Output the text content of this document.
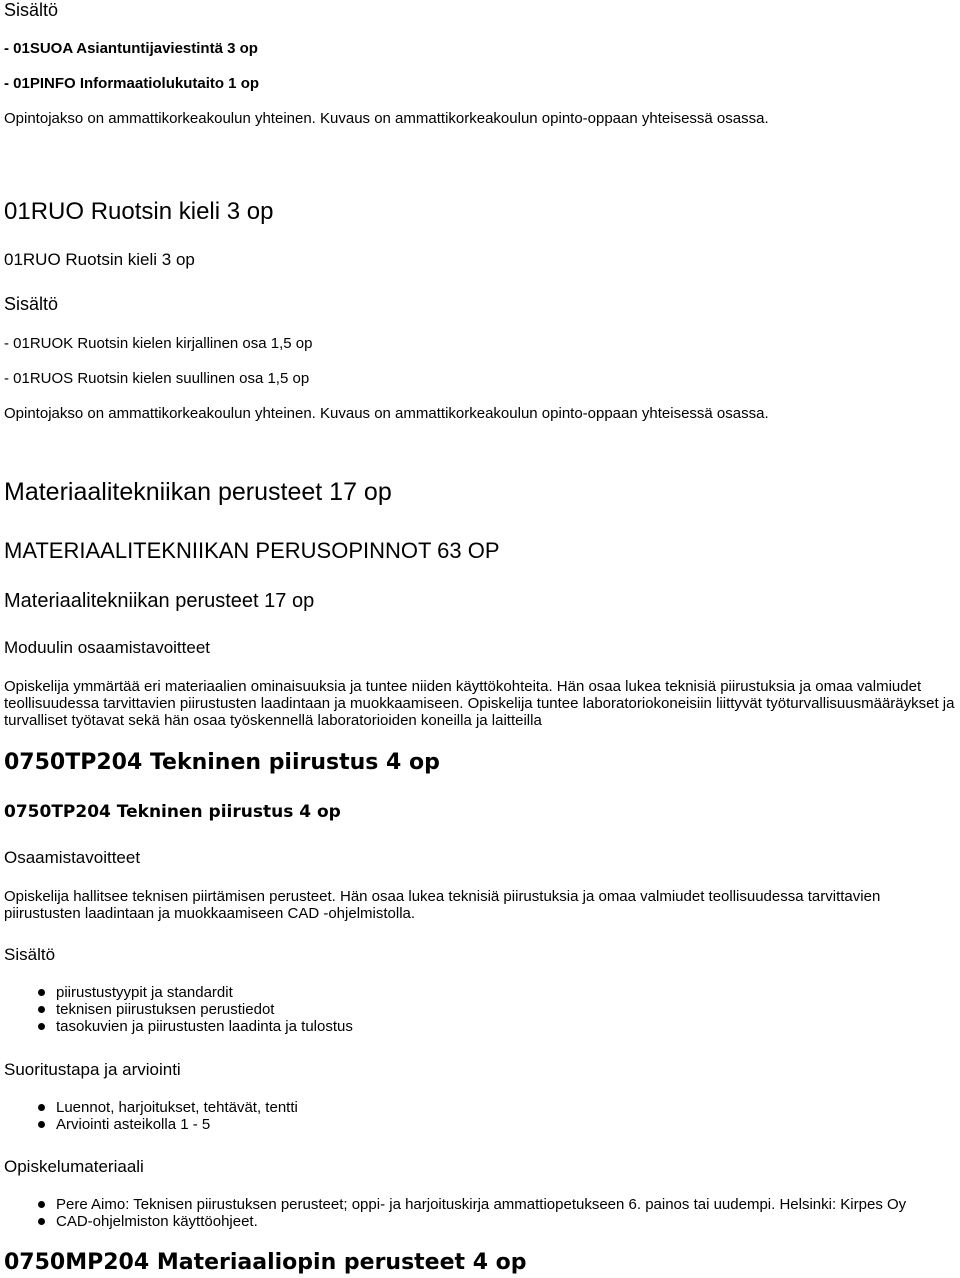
Sisältö
- 01SUOA Asiantuntijaviestintä 3 op
- 01PINFO Informaatiolukutaito 1 op
Opintojakso on ammattikorkeakoulun yhteinen. Kuvaus on ammattikorkeakoulun opinto-oppaan yhteisessä osassa.
01RUO Ruotsin kieli 3 op
01RUO Ruotsin kieli 3 op
Sisältö
- 01RUOK Ruotsin kielen kirjallinen osa 1,5 op
- 01RUOS Ruotsin kielen suullinen osa 1,5 op
Opintojakso on ammattikorkeakoulun yhteinen. Kuvaus on ammattikorkeakoulun opinto-oppaan yhteisessä osassa.
Materiaalitekniikan perusteet 17 op
MATERIAALITEKNIIKAN PERUSOPINNOT 63 OP
Materiaalitekniikan perusteet 17 op
Moduulin osaamistavoitteet

Opiskelija ymmärtää eri materiaalien ominaisuuksia ja tuntee niiden käyttökohteita. Hän osaa lukea teknisiä piirustuksia ja omaa valmiudet teollisuudessa tarvittavien piirustusten laadintaan ja muokkaamiseen. Opiskelija tuntee laboratoriokoneisiin liittyvät työturvallisuusmääräykset ja turvalliset työtavat sekä hän osaa työskennellä laboratorioiden koneilla ja laitteilla

0750TP204 Tekninen piirustus 4 op
0750TP204 Tekninen piirustus 4 op
Osaamistavoitteet

Opiskelija hallitsee teknisen piirtämisen perusteet. Hän osaa lukea teknisiä piirustuksia ja omaa valmiudet teollisuudessa tarvittavien piirustusten laadintaan ja muokkaamiseen CAD -ohjelmistolla.

Sisältö
piirustustyypit ja standardit
teknisen piirustuksen perustiedot
tasokuvien ja piirustusten laadinta ja tulostus
Suoritustapa ja arviointi
Luennot, harjoitukset, tehtävät, tentti
Arviointi asteikolla 1 - 5
Opiskelumateriaali
Pere Aimo: Teknisen piirustuksen perusteet; oppi- ja harjoituskirja ammattiopetukseen 6. painos tai uudempi. Helsinki: Kirpes Oy
CAD-ohjelmiston käyttöohjeet.
0750MP204 Materiaaliopin perusteet 4 op
